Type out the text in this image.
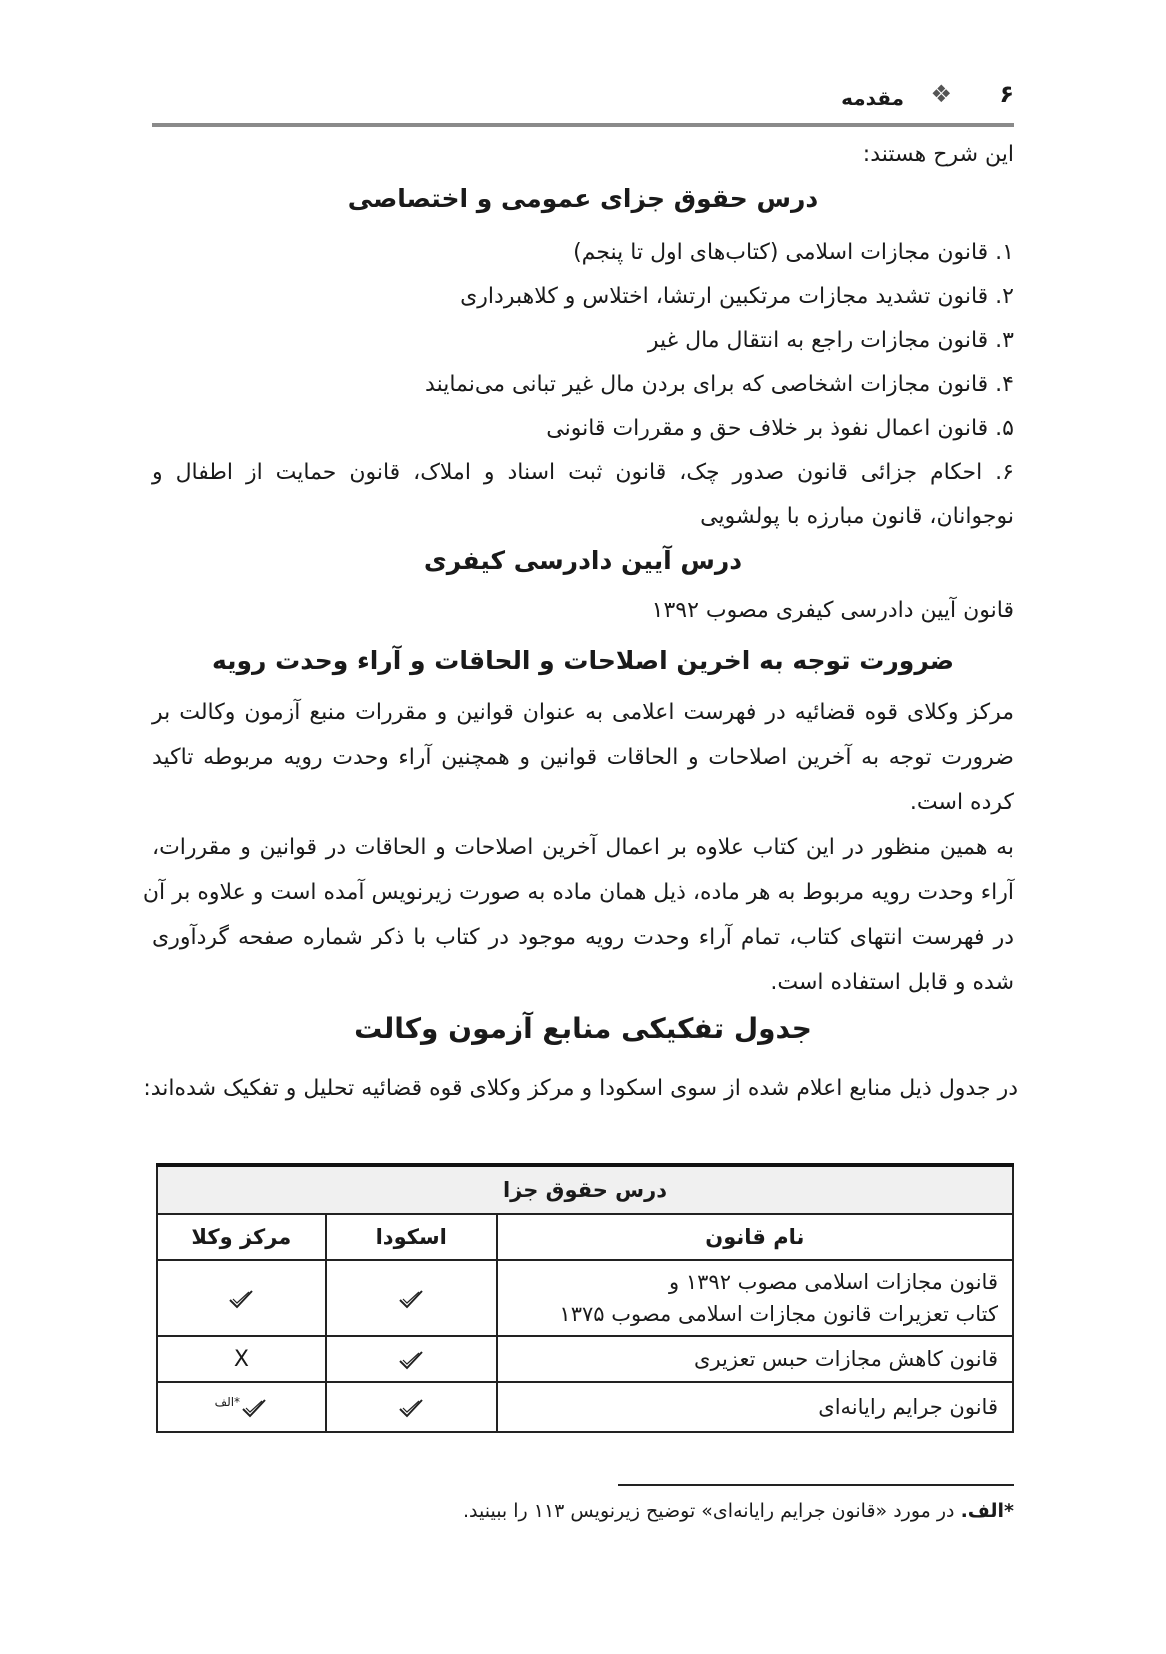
۶
❖
مقدمه
این شرح هستند:
درس حقوق جزای عمومی و اختصاصی
۱. قانون مجازات اسلامی (کتاب‌های اول تا پنجم)
۲. قانون تشدید مجازات مرتکبین ارتشا، اختلاس و کلاهبرداری
۳. قانون مجازات راجع به انتقال مال غیر
۴. قانون مجازات اشخاصی که برای بردن مال غیر تبانی می‌نمایند
۵. قانون اعمال نفوذ بر خلاف حق و مقررات قانونی
۶. احکام جزائی قانون صدور چک، قانون ثبت اسناد و املاک، قانون حمایت از اطفال و
نوجوانان، قانون مبارزه با پولشویی
درس آیین دادرسی کیفری
قانون آیین دادرسی کیفری مصوب ۱۳۹۲
ضرورت توجه به اخرین اصلاحات و الحاقات و آراء وحدت رویه
مرکز وکلای قوه قضائیه در فهرست اعلامی به عنوان قوانین و مقررات منبع آزمون وکالت بر
ضرورت توجه به آخرین اصلاحات و الحاقات قوانین و همچنین آراء وحدت رویه مربوطه تاکید
کرده است.
به همین منظور در این کتاب علاوه بر اعمال آخرین اصلاحات و الحاقات در قوانین و مقررات،
آراء وحدت رویه مربوط به هر ماده، ذیل همان ماده به صورت زیرنویس آمده است و علاوه بر آن
در فهرست انتهای کتاب، تمام آراء وحدت رویه موجود در کتاب با ذکر شماره صفحه گردآوری
شده و قابل استفاده است.
جدول تفکیکی منابع آزمون وکالت
در جدول ذیل منابع اعلام شده از سوی اسکودا و مرکز وکلای قوه قضائیه تحلیل و تفکیک شده‌اند:
درس حقوق جزا		
نام قانون	اسکودا	مرکز وکلا

قانون مجازات اسلامی مصوب ۱۳۹۲ و
کتاب تعزیرات قانون مجازات اسلامی مصوب ۱۳۷۵

قانون کاهش مجازات حبس تعزیری		X
قانون جرایم رایانه‌ای		$^{*الف}$
*الف. در مورد «قانون جرایم رایانه‌ای» توضیح زیرنویس ۱۱۳ را ببینید.
